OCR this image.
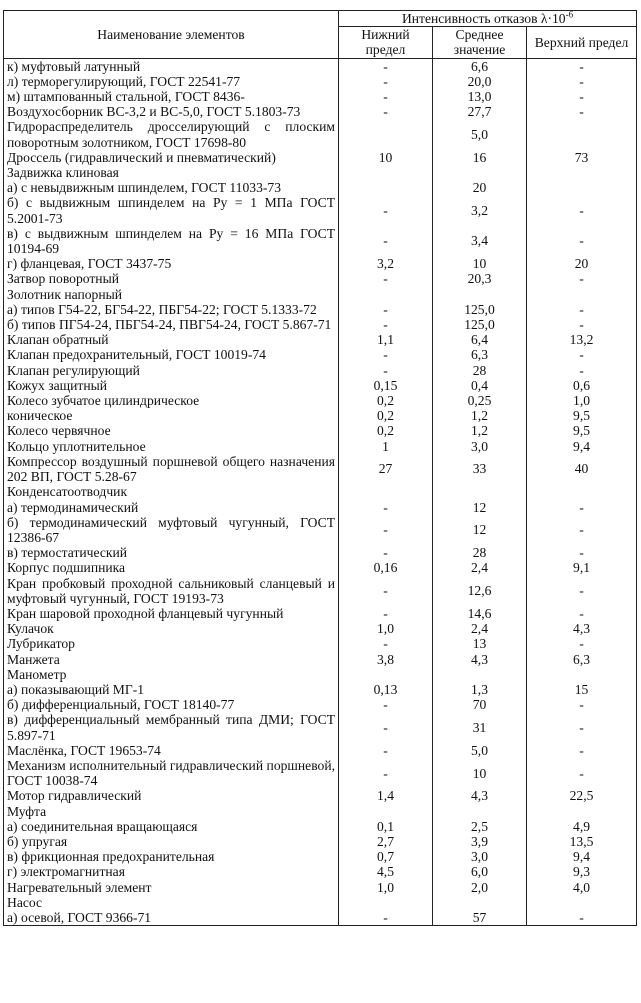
Наименование элементов	Интенсивность отказов $\lambda\cdot 10^{-6}$
	Нижний предел	Среднее значение	Верхний предел
к) муфтовый латунный	-	6,6	-
л) терморегулирующий, ГОСТ 22541-77	-	20,0	-
м) штампованный стальной, ГОСТ 8436-	-	13,0	-
Воздухосборник ВС-3,2 и ВС-5,0, ГОСТ 5.1803-73	-	27,7	-
Гидрораспределитель дросселирующий с плоским поворотным золотником, ГОСТ 17698-80		5,0	
Дроссель (гидравлический и пневматический)	10	16	73
Задвижка клиновая			
а) с невыдвижным шпинделем, ГОСТ 11033-73		20	
б) с выдвижным шпинделем на Py = 1 МПа ГОСТ 5.2001-73	-	3,2	-
в) с выдвижным шпинделем на Py = 16 МПа ГОСТ 10194-69	-	3,4	-
г) фланцевая, ГОСТ 3437-75	3,2	10	20
Затвор поворотный	-	20,3	-
Золотник напорный			
а) типов Г54-22, БГ54-22, ПБГ54-22; ГОСТ 5.1333-72	-	125,0	-
б) типов ПГ54-24, ПБГ54-24, ПВГ54-24, ГОСТ 5.867-71	-	125,0	-
Клапан обратный	1,1	6,4	13,2
Клапан предохранительный, ГОСТ 10019-74	-	6,3	-
Клапан регулирующий	-	28	-
Кожух защитный	0,15	0,4	0,6
Колесо зубчатое цилиндрическое	0,2	0,25	1,0
коническое	0,2	1,2	9,5
Колесо червячное	0,2	1,2	9,5
Кольцо уплотнительное	1	3,0	9,4
Компрессор воздушный поршневой общего назначения 202 ВП, ГОСТ 5.28-67	27	33	40
Конденсатоотводчик			
а) термодинамический	-	12	-
б) термодинамический муфтовый чугунный, ГОСТ 12386-67	-	12	-
в) термостатический	-	28	-
Корпус подшипника	0,16	2,4	9,1
Кран пробковый проходной сальниковый сланцевый и муфтовый чугунный, ГОСТ 19193-73	-	12,6	-
Кран шаровой проходной фланцевый чугунный	-	14,6	-
Кулачок	1,0	2,4	4,3
Лубрикатор	-	13	-
Манжета	3,8	4,3	6,3
Манометр			
а) показывающий МГ-1	0,13	1,3	15
б) дифференциальный, ГОСТ 18140-77	-	70	-
в) дифференциальный мембранный типа ДМИ; ГОСТ 5.897-71	-	31	-
Маслёнка, ГОСТ 19653-74	-	5,0	-
Механизм исполнительный гидравлический поршневой, ГОСТ 10038-74	-	10	-
Мотор гидравлический	1,4	4,3	22,5
Муфта			
а) соединительная вращающаяся	0,1	2,5	4,9
б) упругая	2,7	3,9	13,5
в) фрикционная предохранительная	0,7	3,0	9,4
г) электромагнитная	4,5	6,0	9,3
Нагревательный элемент	1,0	2,0	4,0
Насос			
а) осевой, ГОСТ 9366-71	-	57	-
